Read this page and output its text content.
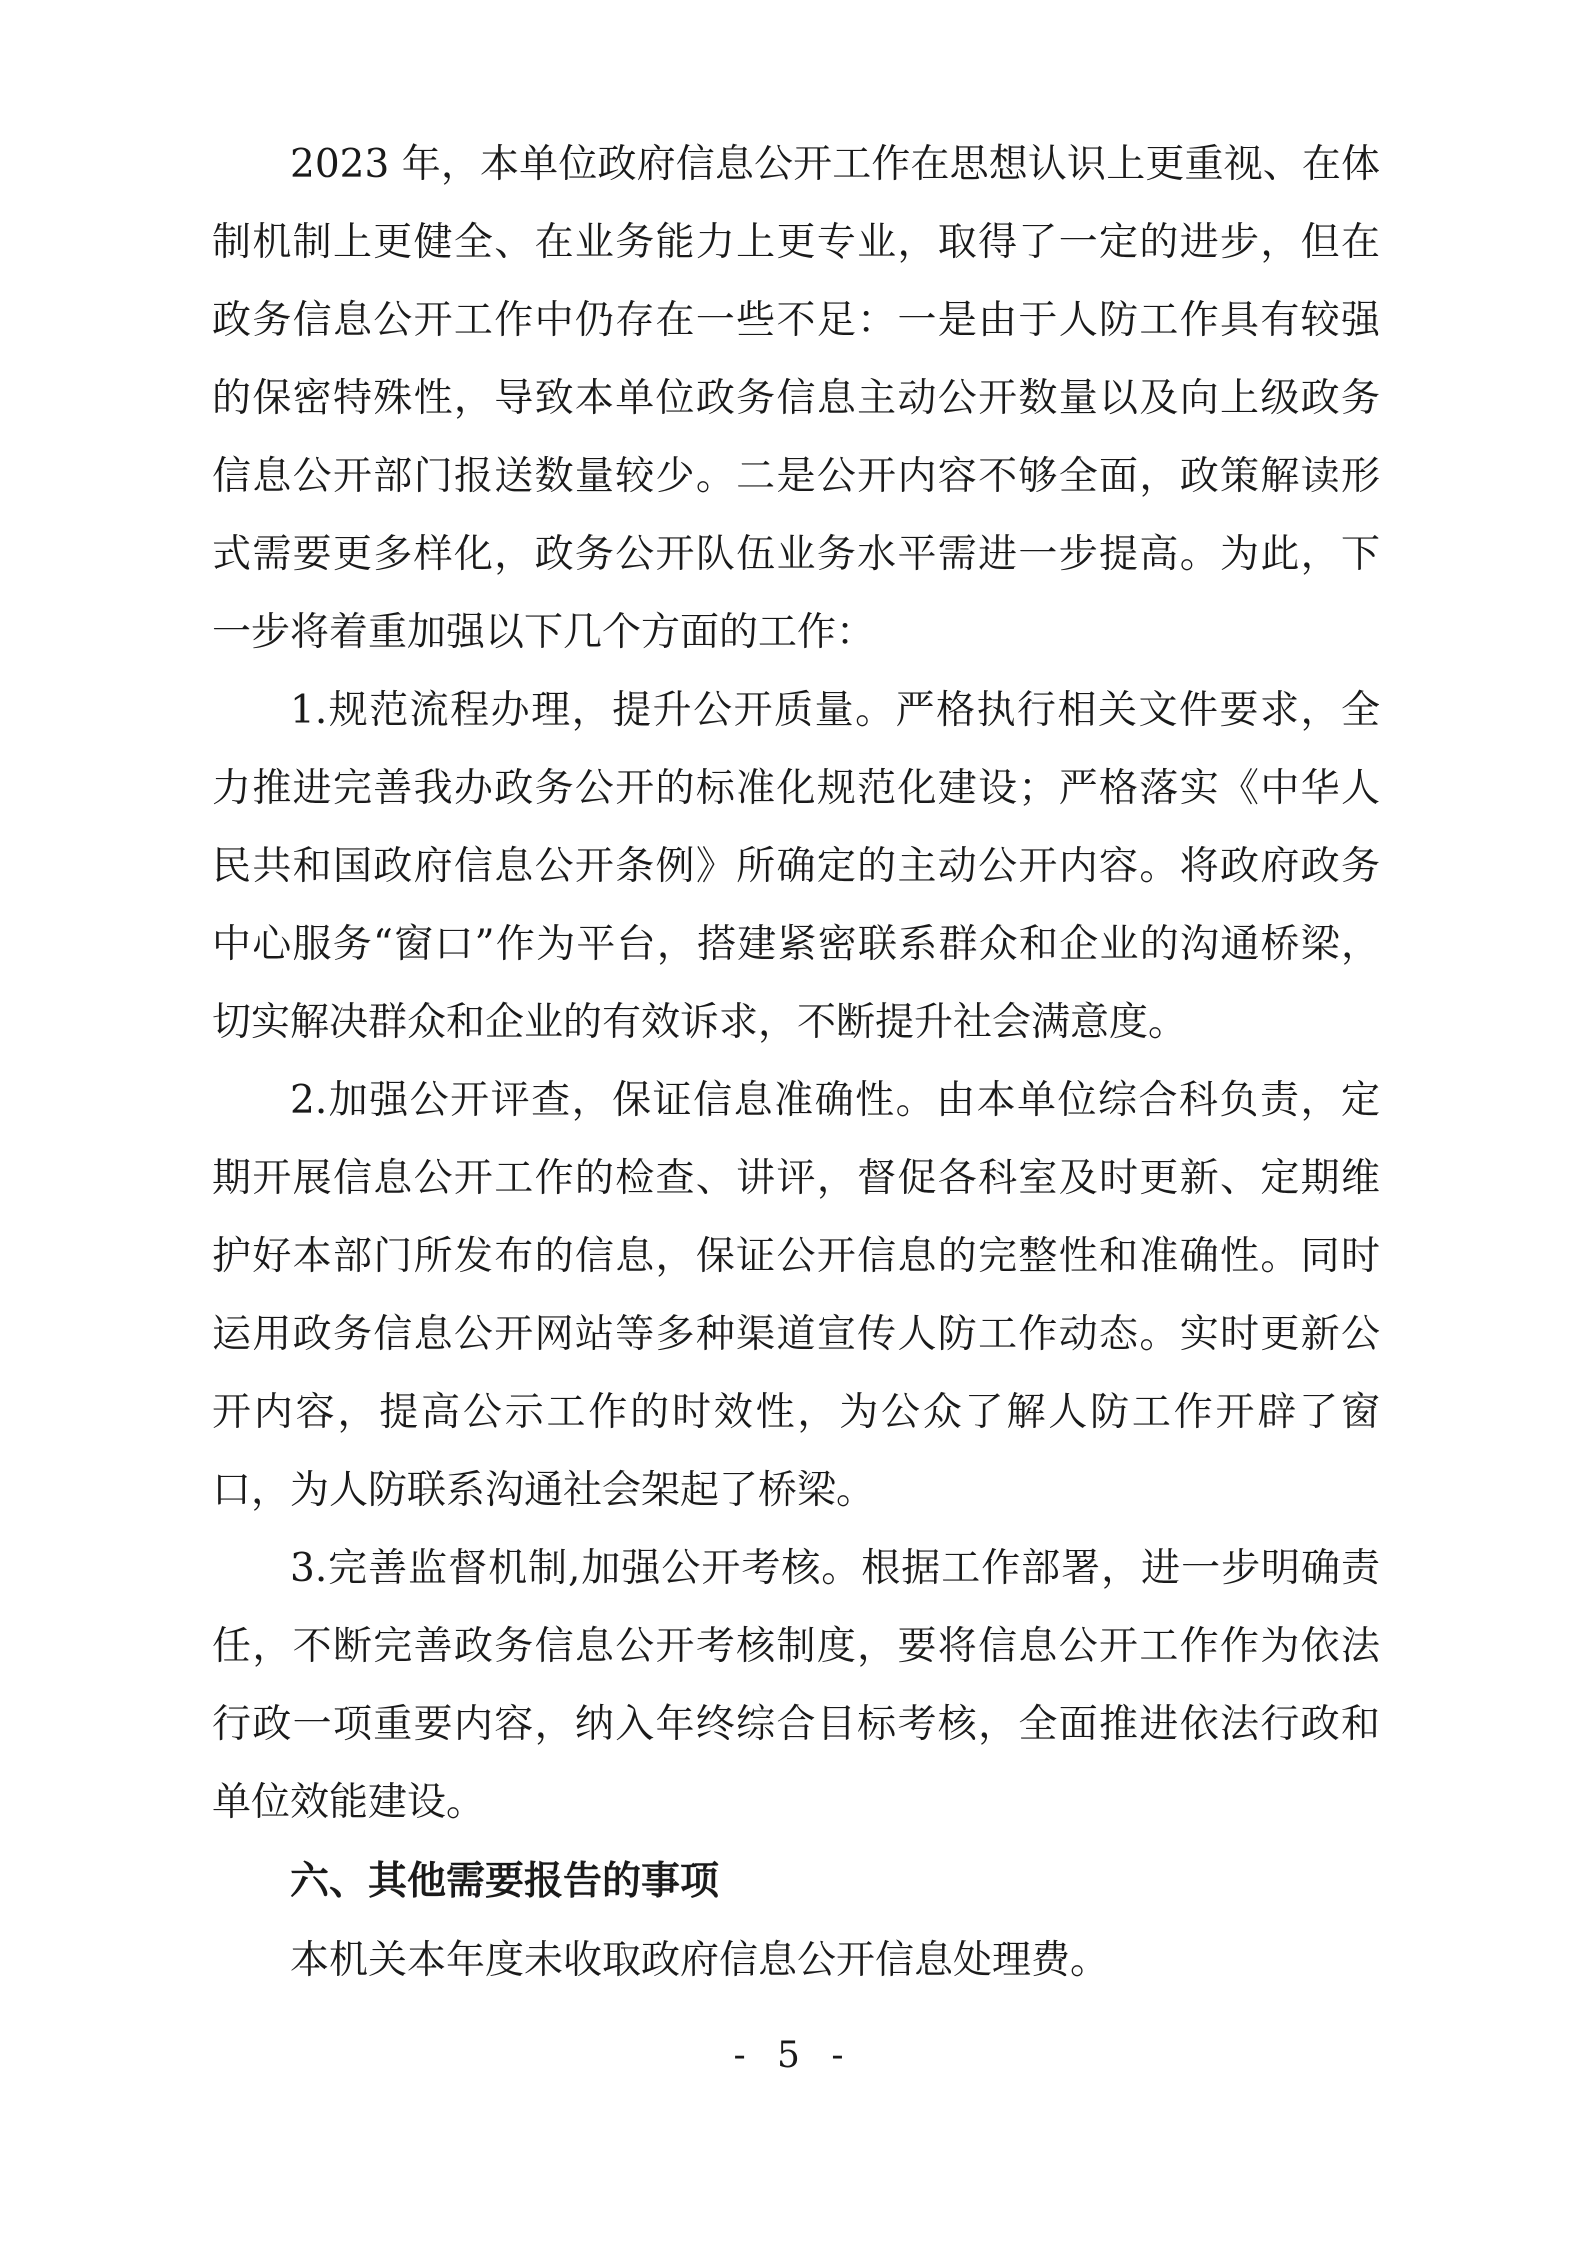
2023 年，本单位政府信息公开工作在思想认识上更重视、在体制机制上更健全、在业务能力上更专业，取得了一定的进步，但在政务信息公开工作中仍存在一些不足：一是由于人防工作具有较强的保密特殊性，导致本单位政务信息主动公开数量以及向上级政务信息公开部门报送数量较少。二是公开内容不够全面，政策解读形式需要更多样化，政务公开队伍业务水平需进一步提高。为此，下一步将着重加强以下几个方面的工作：

1.规范流程办理，提升公开质量。严格执行相关文件要求，全力推进完善我办政务公开的标准化规范化建设；严格落实《中华人民共和国政府信息公开条例》所确定的主动公开内容。将政府政务中心服务“窗口”作为平台，搭建紧密联系群众和企业的沟通桥梁，切实解决群众和企业的有效诉求，不断提升社会满意度。

2.加强公开评查，保证信息准确性。由本单位综合科负责，定期开展信息公开工作的检查、讲评，督促各科室及时更新、定期维护好本部门所发布的信息，保证公开信息的完整性和准确性。同时运用政务信息公开网站等多种渠道宣传人防工作动态。实时更新公开内容，提高公示工作的时效性，为公众了解人防工作开辟了窗口，为人防联系沟通社会架起了桥梁。

3.完善监督机制,加强公开考核。根据工作部署，进一步明确责任，不断完善政务信息公开考核制度，要将信息公开工作作为依法行政一项重要内容，纳入年终综合目标考核，全面推进依法行政和单位效能建设。

六、其他需要报告的事项

本机关本年度未收取政府信息公开信息处理费。

- 5 -
